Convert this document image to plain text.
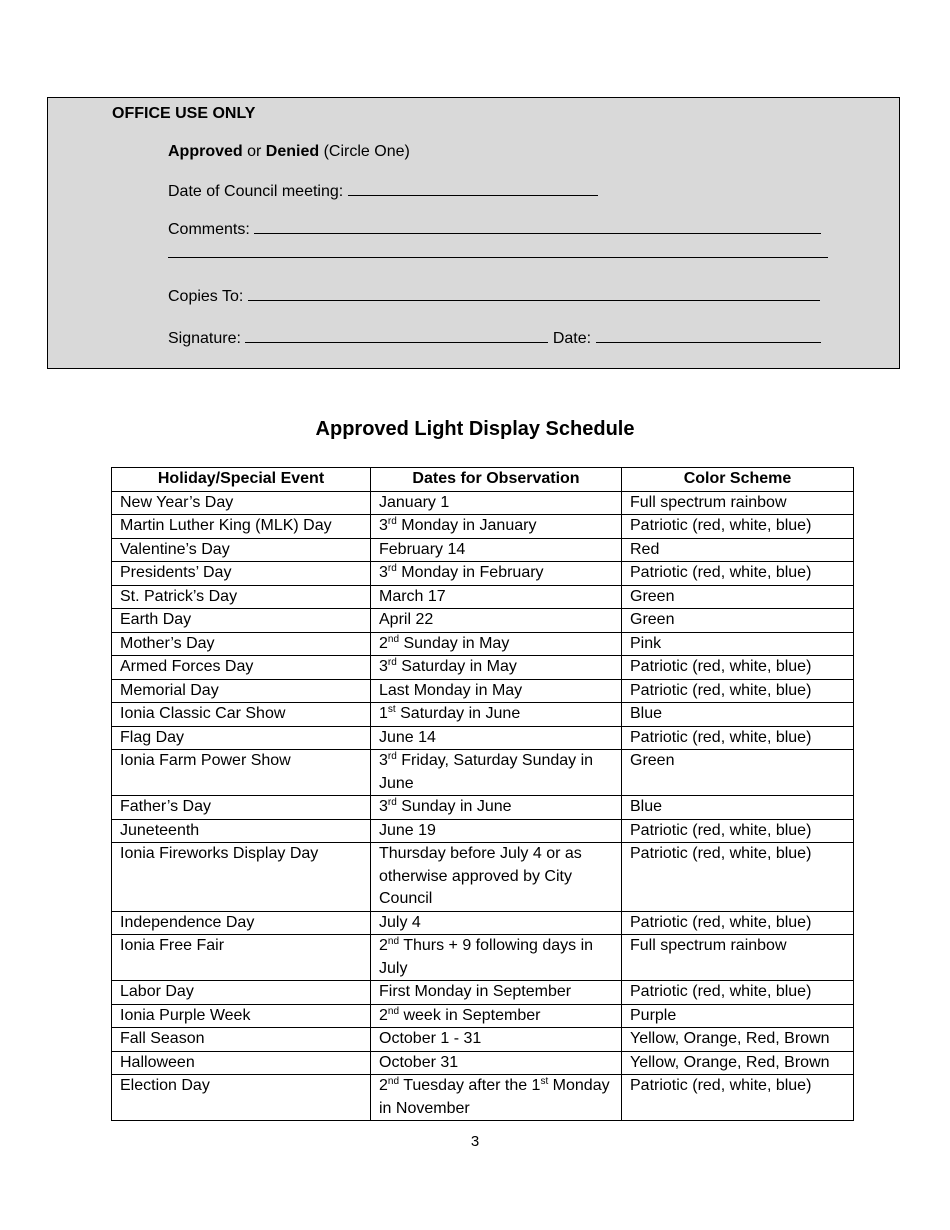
OFFICE USE ONLY
Approved or Denied (Circle One)
Date of Council meeting:
Comments:
Copies To:
Signature:	Date:
Approved Light Display Schedule
Holiday/Special Event	Dates for Observation	Color Scheme
New Year’s Day	January 1	Full spectrum rainbow
Martin Luther King (MLK) Day	3rd Monday in January	Patriotic (red, white, blue)
Valentine’s Day	February 14	Red
Presidents’ Day	3rd Monday in February	Patriotic (red, white, blue)
St. Patrick’s Day	March 17	Green
Earth Day	April 22	Green
Mother’s Day	2nd Sunday in May	Pink
Armed Forces Day	3rd Saturday in May	Patriotic (red, white, blue)
Memorial Day	Last Monday in May	Patriotic (red, white, blue)
Ionia Classic Car Show	1st Saturday in June	Blue
Flag Day	June 14	Patriotic (red, white, blue)
Ionia Farm Power Show	3rd Friday, Saturday Sunday in June	Green
Father’s Day	3rd Sunday in June	Blue
Juneteenth	June 19	Patriotic (red, white, blue)
Ionia Fireworks Display Day	Thursday before July 4 or as otherwise approved by City Council	Patriotic (red, white, blue)
Independence Day	July 4	Patriotic (red, white, blue)
Ionia Free Fair	2nd Thurs + 9 following days in July	Full spectrum rainbow
Labor Day	First Monday in September	Patriotic (red, white, blue)
Ionia Purple Week	2nd week in September	Purple
Fall Season	October 1 - 31	Yellow, Orange, Red, Brown
Halloween	October 31	Yellow, Orange, Red, Brown
Election Day	2nd Tuesday after the 1st Monday in November	Patriotic (red, white, blue)
3
